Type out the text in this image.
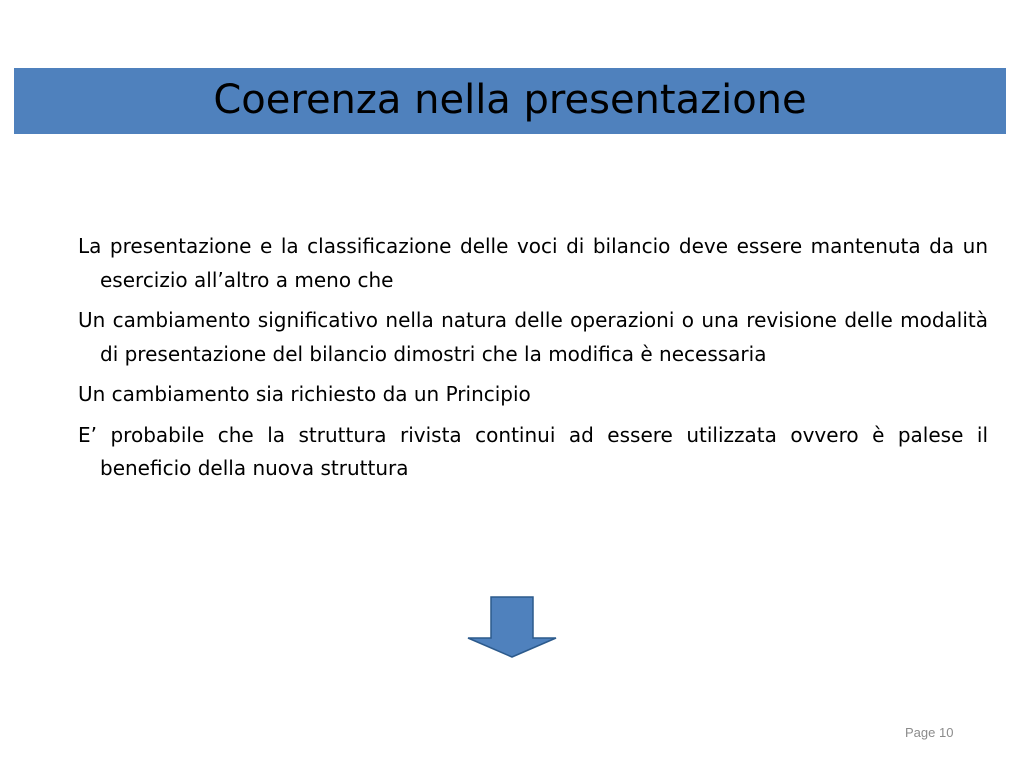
Coerenza nella presentazione

La presentazione e la classificazione delle voci di bilancio deve essere mantenuta da un esercizio all’altro a meno che

Un cambiamento significativo nella natura delle operazioni o una revisione delle modalità di presentazione del bilancio dimostri che la modifica è necessaria

Un cambiamento sia richiesto da un Principio

E’ probabile che la struttura rivista continui ad essere utilizzata ovvero è palese il beneficio della nuova struttura

Page 10
